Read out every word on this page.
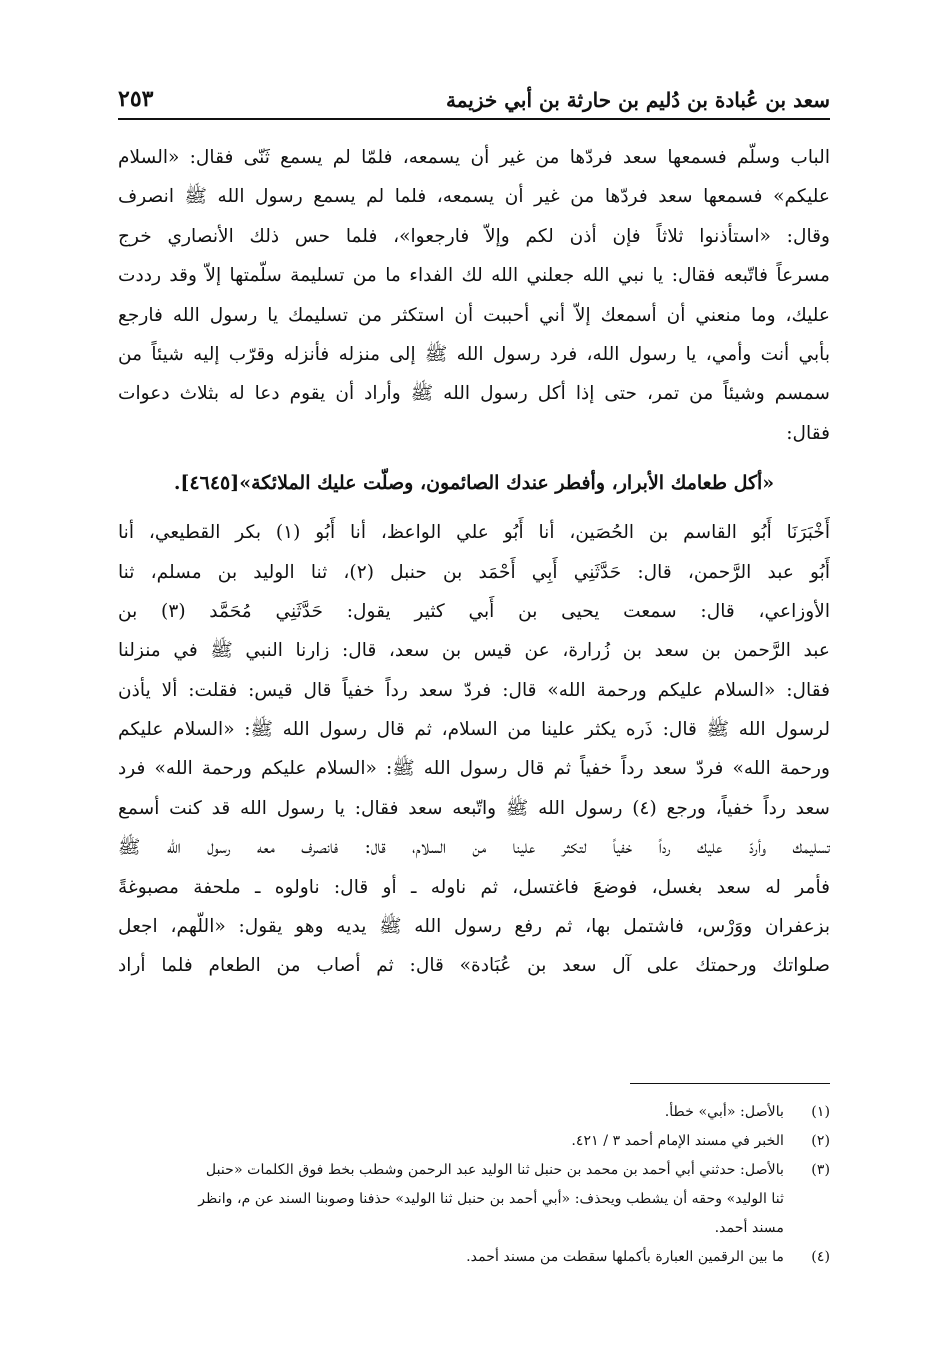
سعد بن عُبادة بن دُليم بن حارثة بن أبي خزيمة
٢٥٣
الباب وسلّم فسمعها سعد فردّها من غير أن يسمعه، فلمّا لم يسمع ثَنّى فقال: «السلام
عليكم» فسمعها سعد فردّها من غير أن يسمعه، فلما لم يسمع رسول الله ﷺ انصرف
وقال: «استأذنوا ثلاثاً فإن أذن لكم وإلاّ فارجعوا»، فلما حس ذلك الأنصاري خرج
مسرعاً فاتّبعه فقال: يا نبي الله جعلني الله لك الفداء ما من تسليمة سلّمتها إلاّ وقد رددت
عليك، وما منعني أن أسمعك إلاّ أني أحببت أن استكثر من تسليمك يا رسول الله فارجع
بأبي أنت وأمي، يا رسول الله، فرد رسول الله ﷺ إلى منزله فأنزله وقرّب إليه شيئاً من
سمسم وشيئاً من تمر، حتى إذا أكل رسول الله ﷺ وأراد أن يقوم دعا له بثلاث دعوات
فقال:
«أكل طعامك الأبرار، وأفطر عندك الصائمون، وصلّت عليك الملائكة»[٤٦٤٥].
أَخْبَرَنَا أَبُو القاسم بن الحُصَين، أنا أَبُو علي الواعظ، أنا أَبُو (١) بكر القطيعي، أنا
أَبُو عبد الرَّحمن، قال: حَدَّثَنِي أَبِي أَحْمَد بن حنبل (٢)، ثنا الوليد بن مسلم، ثنا
الأوزاعي، قال: سمعت يحيى بن أَبي كثير يقول: حَدَّثَنِي مُحَمَّد (٣) بن
عبد الرَّحمن بن سعد بن زُرارة، عن قيس بن سعد، قال: زارنا النبي ﷺ في منزلنا
فقال: «السلام عليكم ورحمة الله» قال: فردّ سعد رداً خفياً قال قيس: فقلت: ألا يأذن
لرسول الله ﷺ قال: ذَره يكثر علينا من السلام، ثم قال رسول الله ﷺ: «السلام عليكم
ورحمة الله» فردّ سعد رداً خفياً ثم قال رسول الله ﷺ: «السلام عليكم ورحمة الله» فرد
سعد رداً خفياً، ورجع (٤) رسول الله ﷺ واتّبعه سعد فقال: يا رسول الله قد كنت أسمع
تسليمك وأردّ عليك رداً خفياً لتكثر علينا من السلام، قال: فانصرف معه رسول الله ﷺ
فأمر له سعد بغسل، فوضعَ فاغتسل، ثم ناوله ـ أو قال: ناولوه ـ ملحفة مصبوغةً
بزعفران ووَرْس، فاشتمل بها، ثم رفع رسول الله ﷺ يديه وهو يقول: «اللّهم، اجعل
صلواتك ورحمتك على آل سعد بن عُبَادة» قال: ثم أصاب من الطعام فلما أراد
(١)
بالأصل: «أبي» خطأ.
(٢)
الخبر في مسند الإمام أحمد ٣ / ٤٢١.
(٣)
بالأصل: حدثني أبي أحمد بن محمد بن حنبل ثنا الوليد عبد الرحمن وشطب بخط فوق الكلمات «حنبل
ثنا الوليد» وحقه أن يشطب ويحذف: «أبي أحمد بن حنبل ثنا الوليد» حذفنا وصوبنا السند عن م، وانظر
مسند أحمد.
(٤)
ما بين الرقمين العبارة بأكملها سقطت من مسند أحمد.
